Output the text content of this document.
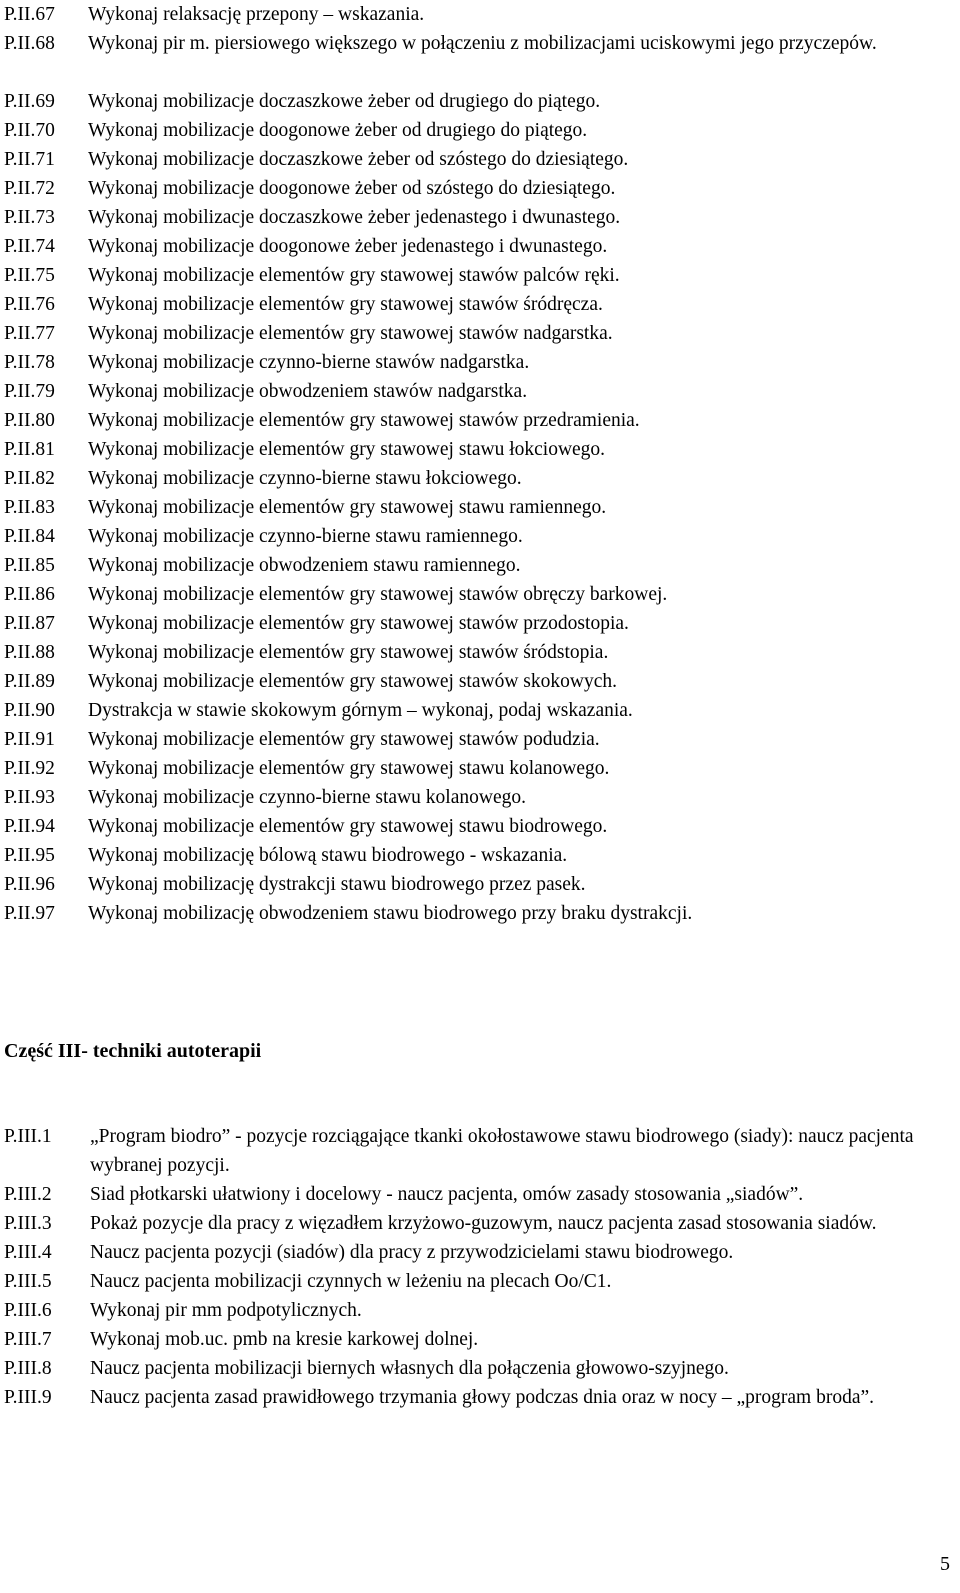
P.II.67	Wykonaj relaksację przepony – wskazania.
P.II.68	Wykonaj pir m. piersiowego większego w połączeniu z mobilizacjami uciskowymi jego przyczepów.
P.II.69	Wykonaj mobilizacje doczaszkowe żeber od drugiego do piątego.
P.II.70	Wykonaj mobilizacje doogonowe żeber od drugiego do piątego.
P.II.71	Wykonaj mobilizacje doczaszkowe żeber od szóstego do dziesiątego.
P.II.72	Wykonaj mobilizacje doogonowe żeber od szóstego do dziesiątego.
P.II.73	Wykonaj mobilizacje doczaszkowe żeber jedenastego i dwunastego.
P.II.74	Wykonaj mobilizacje doogonowe żeber jedenastego i dwunastego.
P.II.75	Wykonaj mobilizacje elementów gry stawowej stawów palców ręki.
P.II.76	Wykonaj mobilizacje elementów gry stawowej stawów śródręcza.
P.II.77	Wykonaj mobilizacje elementów gry stawowej stawów nadgarstka.
P.II.78	Wykonaj mobilizacje czynno-bierne stawów nadgarstka.
P.II.79	Wykonaj mobilizacje obwodzeniem stawów nadgarstka.
P.II.80	Wykonaj mobilizacje elementów gry stawowej stawów przedramienia.
P.II.81	Wykonaj mobilizacje elementów gry stawowej stawu łokciowego.
P.II.82	Wykonaj mobilizacje czynno-bierne stawu łokciowego.
P.II.83	Wykonaj mobilizacje elementów gry stawowej stawu ramiennego.
P.II.84	Wykonaj mobilizacje czynno-bierne stawu ramiennego.
P.II.85	Wykonaj mobilizacje obwodzeniem stawu ramiennego.
P.II.86	Wykonaj mobilizacje elementów gry stawowej stawów obręczy barkowej.
P.II.87	Wykonaj mobilizacje elementów gry stawowej stawów przodostopia.
P.II.88	Wykonaj mobilizacje elementów gry stawowej stawów śródstopia.
P.II.89	Wykonaj mobilizacje elementów gry stawowej stawów skokowych.
P.II.90	Dystrakcja w stawie skokowym górnym – wykonaj, podaj wskazania.
P.II.91	Wykonaj mobilizacje elementów gry stawowej stawów podudzia.
P.II.92	Wykonaj mobilizacje elementów gry stawowej stawu kolanowego.
P.II.93	Wykonaj mobilizacje czynno-bierne stawu kolanowego.
P.II.94	Wykonaj mobilizacje elementów gry stawowej stawu biodrowego.
P.II.95	Wykonaj mobilizację bólową stawu biodrowego - wskazania.
P.II.96	Wykonaj mobilizację dystrakcji stawu biodrowego przez pasek.
P.II.97	Wykonaj mobilizację obwodzeniem stawu biodrowego przy braku dystrakcji.
Część III- techniki autoterapii
P.III.1	„Program biodro” - pozycje rozciągające tkanki okołostawowe stawu biodrowego (siady): naucz pacjenta wybranej pozycji.
P.III.2	Siad płotkarski ułatwiony i docelowy - naucz pacjenta, omów zasady stosowania „siadów”.
P.III.3	Pokaż pozycje dla pracy z więzadłem krzyżowo-guzowym, naucz pacjenta zasad stosowania siadów.
P.III.4	Naucz pacjenta pozycji (siadów) dla pracy z przywodzicielami stawu biodrowego.
P.III.5	Naucz pacjenta mobilizacji czynnych w leżeniu na plecach Oo/C1.
P.III.6	Wykonaj pir mm podpotylicznych.
P.III.7	Wykonaj mob.uc. pmb na kresie karkowej dolnej.
P.III.8	Naucz pacjenta mobilizacji biernych własnych dla połączenia głowowo-szyjnego.
P.III.9	Naucz pacjenta zasad prawidłowego trzymania głowy podczas dnia oraz w nocy – „program broda”.
5
